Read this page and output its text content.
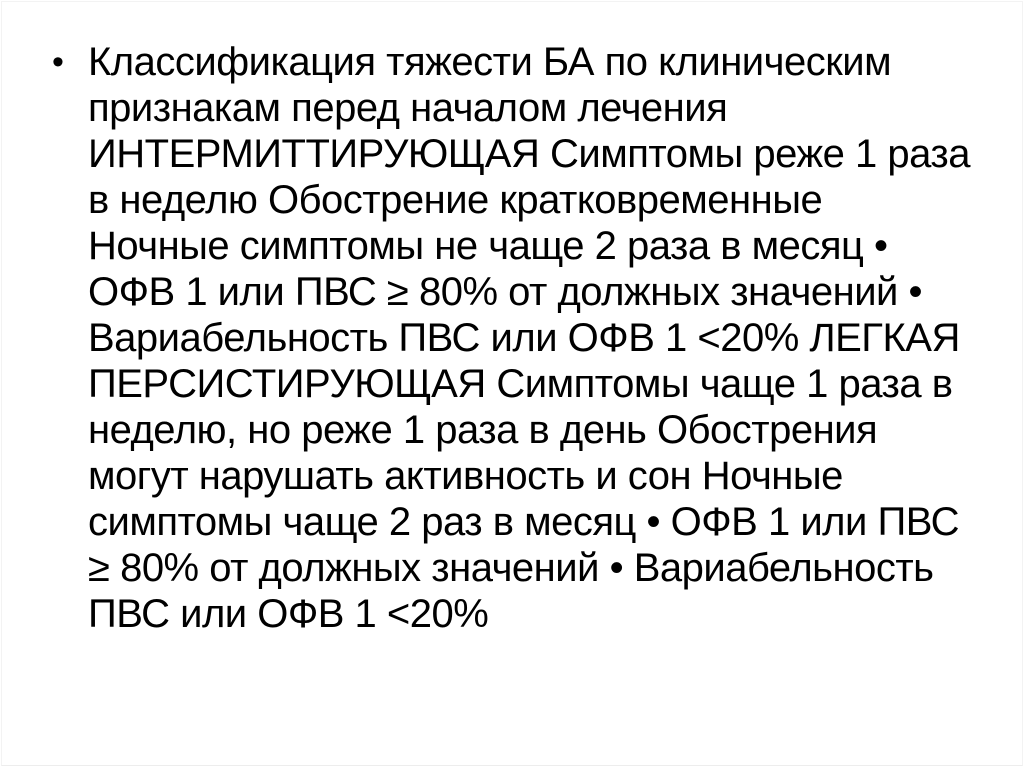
• Классификация тяжести БА по клиническим
признакам перед началом лечения
ИНТЕРМИТТИРУЮЩАЯ Симптомы реже 1 раза
в неделю Обострение кратковременные
Ночные симптомы не чаще 2 раза в месяц •
ОФВ 1 или ПВС ≥ 80% от должных значений •
Вариабельность ПВС или ОФВ 1 <20% ЛЕГКАЯ
ПЕРСИСТИРУЮЩАЯ Симптомы чаще 1 раза в
неделю, но реже 1 раза в день Обострения
могут нарушать активность и сон Ночные
симптомы чаще 2 раз в месяц • ОФВ 1 или ПВС
≥ 80% от должных значений • Вариабельность
ПВС или ОФВ 1 <20%
